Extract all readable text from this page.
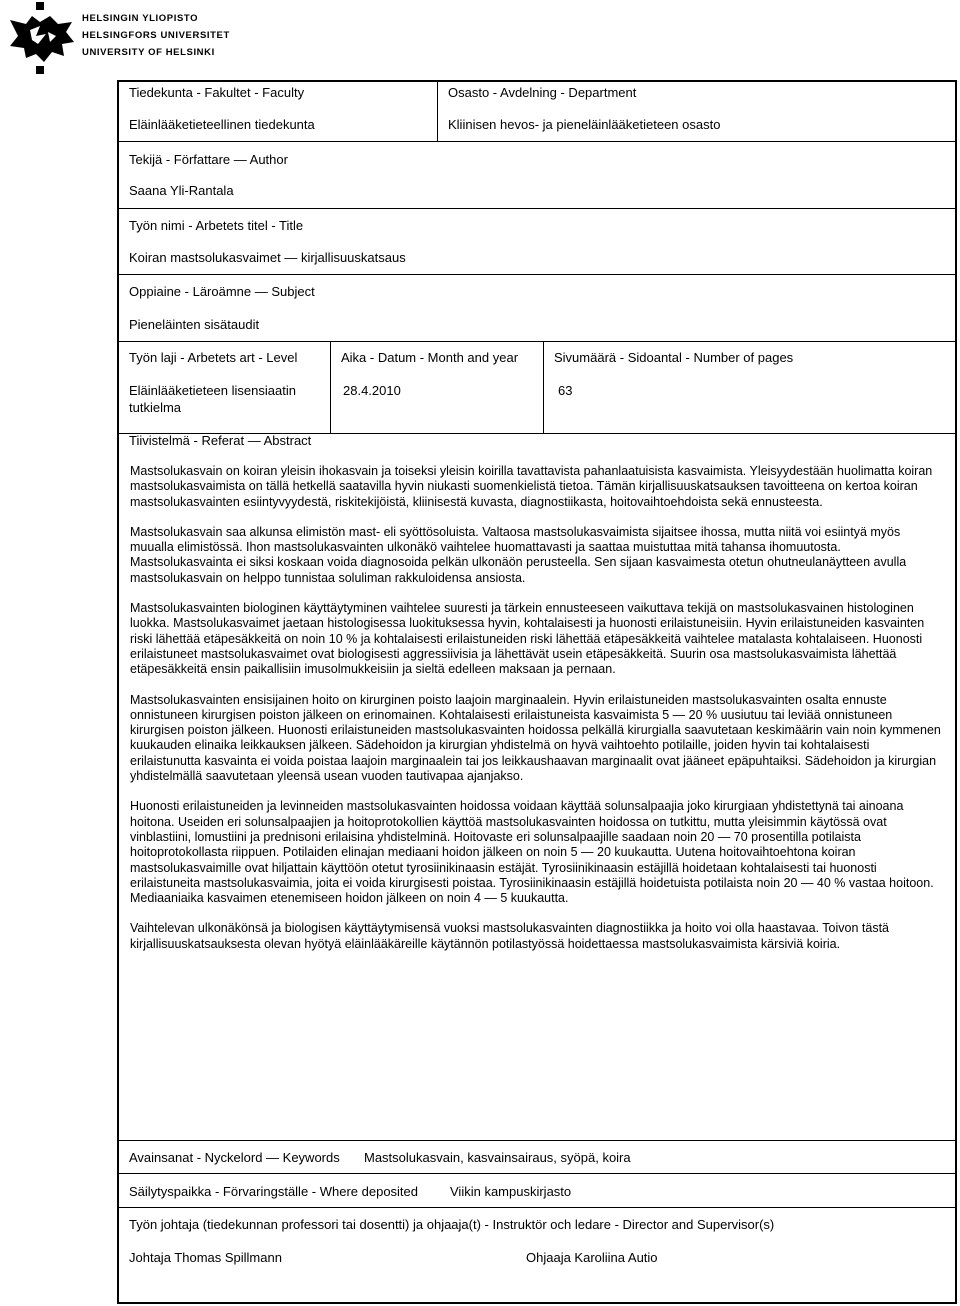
HELSINGIN YLIOPISTO
HELSINGFORS UNIVERSITET
UNIVERSITY OF HELSINKI
Tiedekunta - Fakultet - Faculty
Eläinlääketieteellinen tiedekunta
Osasto - Avdelning - Department
Kliinisen hevos- ja pieneläinlääketieteen osasto
Tekijä - Författare — Author
Saana Yli-Rantala
Työn nimi - Arbetets titel - Title
Koiran mastsolukasvaimet — kirjallisuuskatsaus
Oppiaine - Läroämne — Subject
Pieneläinten sisätaudit
Työn laji - Arbetets art - Level
Eläinlääketieteen lisensiaatin
tutkielma
Aika - Datum - Month and year
28.4.2010
Sivumäärä - Sidoantal - Number of pages
63
Tiivistelmä - Referat — Abstract

Mastsolukasvain on koiran yleisin ihokasvain ja toiseksi yleisin koirilla tavattavista pahanlaatuisista kasvaimista. Yleisyydestään huolimatta koiran mastsolukasvaimista on tällä hetkellä saatavilla hyvin niukasti suomenkielistä tietoa. Tämän kirjallisuuskatsauksen tavoitteena on kertoa koiran mastsolukasvainten esiintyvyydestä, riskitekijöistä, kliinisestä kuvasta, diagnostiikasta, hoitovaihtoehdoista sekä ennusteesta.

Mastsolukasvain saa alkunsa elimistön mast- eli syöttösoluista. Valtaosa mastsolukasvaimista sijaitsee ihossa, mutta niitä voi esiintyä myös muualla elimistössä. Ihon mastsolukasvainten ulkonäkö vaihtelee huomattavasti ja saattaa muistuttaa mitä tahansa ihomuutosta. Mastsolukasvainta ei siksi koskaan voida diagnosoida pelkän ulkonäön perusteella. Sen sijaan kasvaimesta otetun ohutneulanäytteen avulla mastsolukasvain on helppo tunnistaa soluliman rakkuloidensa ansiosta.

Mastsolukasvainten biologinen käyttäytyminen vaihtelee suuresti ja tärkein ennusteeseen vaikuttava tekijä on mastsolukasvainen histologinen luokka. Mastsolukasvaimet jaetaan histologisessa luokituksessa hyvin, kohtalaisesti ja huonosti erilaistuneisiin. Hyvin erilaistuneiden kasvainten riski lähettää etäpesäkkeitä on noin 10 % ja kohtalaisesti erilaistuneiden riski lähettää etäpesäkkeitä vaihtelee matalasta kohtalaiseen. Huonosti erilaistuneet mastsolukasvaimet ovat biologisesti aggressiivisia ja lähettävät usein etäpesäkkeitä. Suurin osa mastsolukasvaimista lähettää etäpesäkkeitä ensin paikallisiin imusolmukkeisiin ja sieltä edelleen maksaan ja pernaan.

Mastsolukasvainten ensisijainen hoito on kirurginen poisto laajoin marginaalein. Hyvin erilaistuneiden mastsolukasvainten osalta ennuste onnistuneen kirurgisen poiston jälkeen on erinomainen. Kohtalaisesti erilaistuneista kasvaimista 5 — 20 % uusiutuu tai leviää onnistuneen kirurgisen poiston jälkeen. Huonosti erilaistuneiden mastsolukasvainten hoidossa pelkällä kirurgialla saavutetaan keskimäärin vain noin kymmenen kuukauden elinaika leikkauksen jälkeen. Sädehoidon ja kirurgian yhdistelmä on hyvä vaihtoehto potilaille, joiden hyvin tai kohtalaisesti erilaistunutta kasvainta ei voida poistaa laajoin marginaalein tai jos leikkaushaavan marginaalit ovat jääneet epäpuhtaiksi. Sädehoidon ja kirurgian yhdistelmällä saavutetaan yleensä usean vuoden tautivapaa ajanjakso.

Huonosti erilaistuneiden ja levinneiden mastsolukasvainten hoidossa voidaan käyttää solunsalpaajia joko kirurgiaan yhdistettynä tai ainoana hoitona. Useiden eri solunsalpaajien ja hoitoprotokollien käyttöä mastsolukasvainten hoidossa on tutkittu, mutta yleisimmin käytössä ovat vinblastiini, lomustiini ja prednisoni erilaisina yhdistelminä. Hoitovaste eri solunsalpaajille saadaan noin 20 — 70 prosentilla potilaista hoitoprotokollasta riippuen. Potilaiden elinajan mediaani hoidon jälkeen on noin 5 — 20 kuukautta. Uutena hoitovaihtoehtona koiran mastsolukasvaimille ovat hiljattain käyttöön otetut tyrosiinikinaasin estäjät. Tyrosiinikinaasin estäjillä hoidetaan kohtalaisesti tai huonosti erilaistuneita mastsolukasvaimia, joita ei voida kirurgisesti poistaa. Tyrosiinikinaasin estäjillä hoidetuista potilaista noin 20 — 40 % vastaa hoitoon. Mediaaniaika kasvaimen etenemiseen hoidon jälkeen on noin 4 — 5 kuukautta.

Vaihtelevan ulkonäkönsä ja biologisen käyttäytymisensä vuoksi mastsolukasvainten diagnostiikka ja hoito voi olla haastavaa. Toivon tästä kirjallisuuskatsauksesta olevan hyötyä eläinlääkäreille käytännön potilastyössä hoidettaessa mastsolukasvaimista kärsiviä koiria.

Avainsanat - Nyckelord — Keywords Mastsolukasvain, kasvainsairaus, syöpä, koira
Säilytyspaikka - Förvaringställe - Where deposited Viikin kampuskirjasto
Työn johtaja (tiedekunnan professori tai dosentti) ja ohjaaja(t) - Instruktör och ledare - Director and Supervisor(s)
Johtaja Thomas Spillmann	Ohjaaja Karoliina Autio
